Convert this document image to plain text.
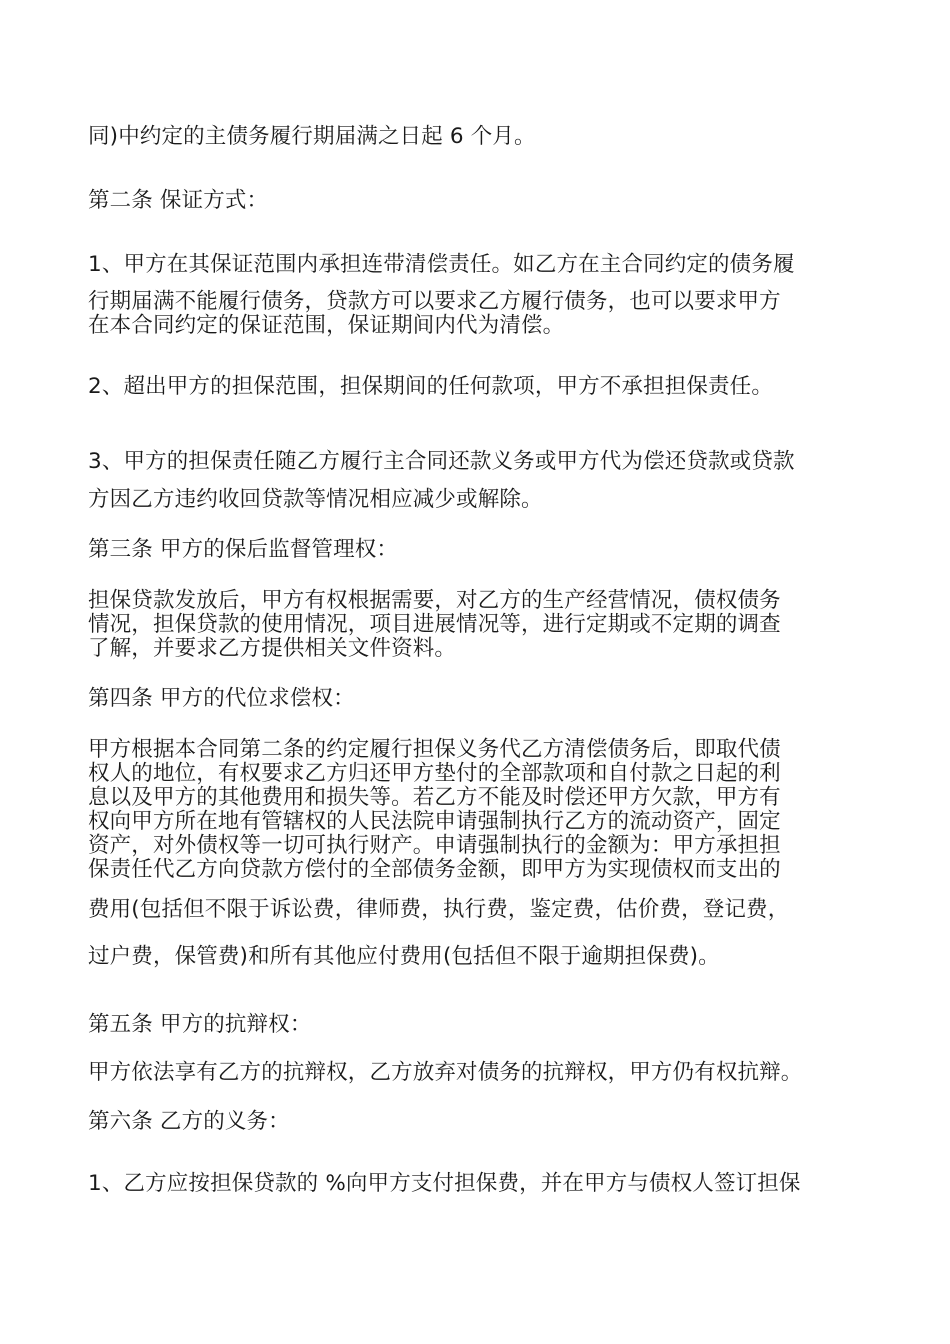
同)中约定的主债务履行期届满之日起 6 个月。

第二条 保证方式：

1、甲方在其保证范围内承担连带清偿责任。如乙方在主合同约定的债务履

行期届满不能履行债务，贷款方可以要求乙方履行债务，也可以要求甲方

在本合同约定的保证范围，保证期间内代为清偿。

2、超出甲方的担保范围，担保期间的任何款项，甲方不承担担保责任。

3、甲方的担保责任随乙方履行主合同还款义务或甲方代为偿还贷款或贷款

方因乙方违约收回贷款等情况相应减少或解除。

第三条 甲方的保后监督管理权：

担保贷款发放后，甲方有权根据需要，对乙方的生产经营情况，债权债务

情况，担保贷款的使用情况，项目进展情况等，进行定期或不定期的调查

了解，并要求乙方提供相关文件资料。

第四条 甲方的代位求偿权：

甲方根据本合同第二条的约定履行担保义务代乙方清偿债务后，即取代债

权人的地位，有权要求乙方归还甲方垫付的全部款项和自付款之日起的利

息以及甲方的其他费用和损失等。若乙方不能及时偿还甲方欠款，甲方有

权向甲方所在地有管辖权的人民法院申请强制执行乙方的流动资产，固定

资产，对外债权等一切可执行财产。申请强制执行的金额为：甲方承担担

保责任代乙方向贷款方偿付的全部债务金额，即甲方为实现债权而支出的

费用(包括但不限于诉讼费，律师费，执行费，鉴定费，估价费，登记费，

过户费，保管费)和所有其他应付费用(包括但不限于逾期担保费)。

第五条 甲方的抗辩权：

甲方依法享有乙方的抗辩权，乙方放弃对债务的抗辩权，甲方仍有权抗辩。

第六条 乙方的义务：

1、乙方应按担保贷款的 %向甲方支付担保费，并在甲方与债权人签订担保
